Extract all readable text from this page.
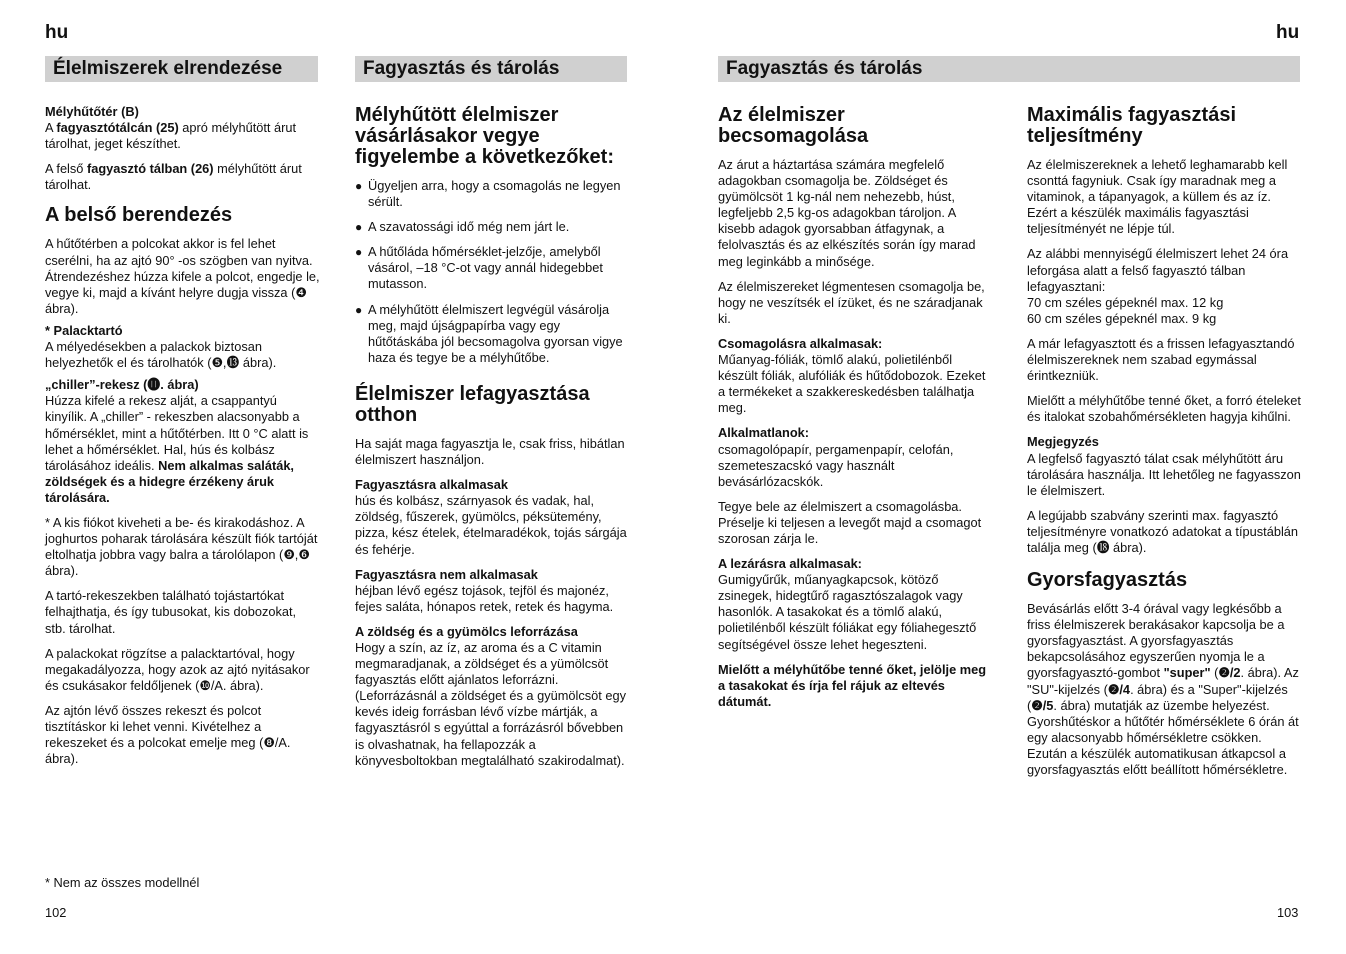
hu	hu
Élelmiszerek elrendezése	Fagyasztás és tárolás	Fagyasztás és tárolás
Mélyhűtőtér (B)

A fagyasztótálcán (25) apró mélyhűtött árut tárolhat, jeget készíthet.

A felső fagyasztó tálban (26) mélyhűtött árut tárolhat.

A belső berendezés

A hűtőtérben a polcokat akkor is fel lehet cserélni, ha az ajtó 90° -os szögben van nyitva. Átrendezéshez húzza kifele a polcot, engedje le, vegye ki, majd a kívánt helyre dugja vissza (❹ ábra).

* Palacktartó

A mélyedésekben a palackok biztosan helyezhetők el és tárolhatók (❺,⓭ ábra).

„chiller”-rekesz (⓫. ábra)

Húzza kifelé a rekesz alját, a csappantyú kinyílik. A „chiller” - rekeszben alacsonyabb a hőmérséklet, mint a hűtőtérben. Itt 0 °C alatt is lehet a hőmérséklet. Hal, hús és kolbász tárolásához ideális. Nem alkalmas saláták, zöldségek és a hidegre érzékeny áruk tárolására.

* A kis fiókot kiveheti a be- és kirakodáshoz. A joghurtos poharak tárolására készült fiók tartóját eltolhatja jobbra vagy balra a tárolólapon (❾,❻ ábra).

A tartó-rekeszekben található tojástartókat felhajthatja, és így tubusokat, kis dobozokat, stb. tárolhat.

A palackokat rögzítse a palacktartóval, hogy megakadályozza, hogy azok az ajtó nyitásakor és csukásakor feldőljenek (❿/A. ábra).

Az ajtón lévő összes rekeszt és polcot tisztításkor ki lehet venni. Kivételhez a rekeszeket és a polcokat emelje meg (❽/A. ábra).

* Nem az összes modellnél
102
Mélyhűtött élelmiszer vásárlásakor vegye figyelembe a következőket:
● Ügyeljen arra, hogy a csomagolás ne legyen sérült.
● A szavatossági idő még nem járt le.
● A hűtőláda hőmérséklet-jelzője, amelyből vásárol, –18 °C-ot vagy annál hidegebbet mutasson.
● A mélyhűtött élelmiszert legvégül vásárolja meg, majd újságpapírba vagy egy hűtőtáskába jól becsomagolva gyorsan vigye haza és tegye be a mélyhűtőbe.
Élelmiszer lefagyasztása otthon

Ha saját maga fagyasztja le, csak friss, hibátlan élelmiszert használjon.

Fagyasztásra alkalmasak

hús és kolbász, szárnyasok és vadak, hal, zöldség, fűszerek, gyümölcs, péksütemény, pizza, kész ételek, ételmaradékok, tojás sárgája és fehérje.

Fagyasztásra nem alkalmasak

héjban lévő egész tojások, tejföl és majonéz, fejes saláta, hónapos retek, retek és hagyma.

A zöldség és a gyümölcs leforrázása

Hogy a szín, az íz, az aroma és a C vitamin megmaradjanak, a zöldséget és a yümölcsöt fagyasztás előtt ajánlatos leforrázni. (Leforrázásnál a zöldséget és a gyümölcsöt egy kevés ideig forrásban lévő vízbe mártják, a fagyasztásról s egyúttal a forrázásról bővebben is olvashatnak, ha fellapozzák a könyvesboltokban megtalálható szakirodalmat).

Az élelmiszer becsomagolása

Az árut a háztartása számára megfelelő adagokban csomagolja be. Zöldséget és gyümölcsöt 1 kg-nál nem nehezebb, húst, legfeljebb 2,5 kg-os adagokban tároljon. A kisebb adagok gyorsabban átfagynak, a felolvasztás és az elkészítés során így marad meg leginkább a minősége.

Az élelmiszereket légmentesen csomagolja be, hogy ne veszítsék el ízüket, és ne száradjanak ki.

Csomagolásra alkalmasak:

Műanyag-fóliák, tömlő alakú, polietilénből készült fóliák, alufóliák és hűtődobozok. Ezeket a termékeket a szakkereskedésben találhatja meg.

Alkalmatlanok:

csomagolópapír, pergamenpapír, celofán, szemeteszacskó vagy használt bevásárlózacskók.

Tegye bele az élelmiszert a csomagolásba. Préselje ki teljesen a levegőt majd a csomagot szorosan zárja le.

A lezárásra alkalmasak:

Gumigyűrűk, műanyagkapcsok, kötöző zsinegek, hidegtűrő ragasztószalagok vagy hasonlók. A tasakokat és a tömlő alakú, polietilénből készült fóliákat egy fóliahegesztő segítségével össze lehet hegeszteni.

Mielőtt a mélyhűtőbe tenné őket, jelölje meg a tasakokat és írja fel rájuk az eltevés dátumát.

Maximális fagyasztási teljesítmény

Az élelmiszereknek a lehető leghamarabb kell csonttá fagyniuk. Csak így maradnak meg a vitaminok, a tápanyagok, a küllem és az íz. Ezért a készülék maximális fagyasztási teljesítményét ne lépje túl.

Az alábbi mennyiségű élelmiszert lehet 24 óra leforgása alatt a felső fagyasztó tálban lefagyasztani:
70 cm széles gépeknél max. 12 kg
60 cm széles gépeknél max. 9 kg

A már lefagyasztott és a frissen lefagyasztandó élelmiszereknek nem szabad egymással érintkezniük.

Mielőtt a mélyhűtőbe tenné őket, a forró ételeket és italokat szobahőmérsékleten hagyja kihűlni.

Megjegyzés

A legfelső fagyasztó tálat csak mélyhűtött áru tárolására használja. Itt lehetőleg ne fagyasszon le élelmiszert.

A legújabb szabvány szerinti max. fagyasztó teljesítményre vonatkozó adatokat a típustáblán találja meg (⓲ ábra).

Gyorsfagyasztás

Bevásárlás előtt 3-4 órával vagy legkésőbb a friss élelmiszerek berakásakor kapcsolja be a gyorsfagyasztást. A gyorsfagyasztás bekapcsolásához egyszerűen nyomja le a gyorsfagyasztó-gombot "super" (❷/2. ábra). Az "SU"-kijelzés (❷/4. ábra) és a "Super"-kijelzés (❷/5. ábra) mutatják az üzembe helyezést. Gyorshűtéskor a hűtőtér hőmérséklete 6 órán át egy alacsonyabb hőmérsékletre csökken. Ezután a készülék automatikusan átkapcsol a gyorsfagyasztás előtt beállított hőmérsékletre.

103
